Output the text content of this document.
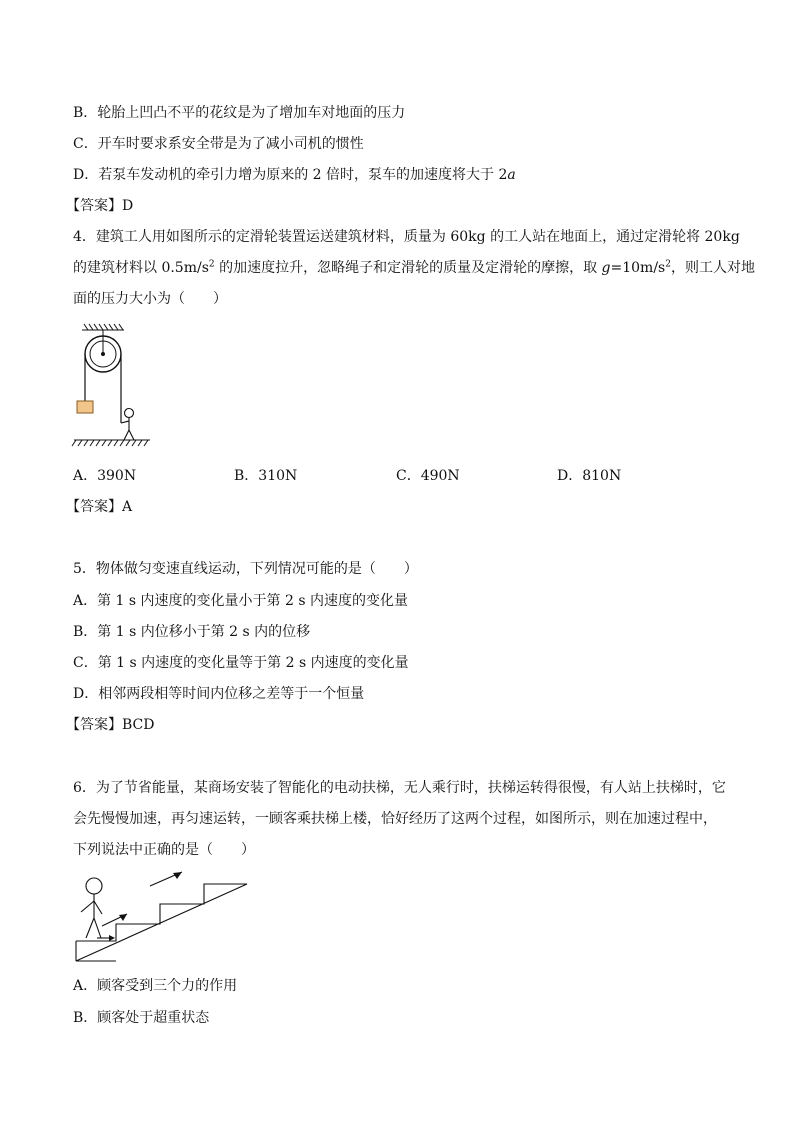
B．轮胎上凹凸不平的花纹是为了增加车对地面的压力
C．开车时要求系安全带是为了减小司机的惯性
D．若泵车发动机的牵引力增为原来的 2 倍时，泵车的加速度将大于 2a
【答案】D
4．建筑工人用如图所示的定滑轮装置运送建筑材料，质量为 60kg 的工人站在地面上，通过定滑轮将 20kg
的建筑材料以 $0.5m/s^2$ 的加速度拉升，忽略绳子和定滑轮的质量及定滑轮的摩擦，取 $g=10m/s^2$，则工人对地
面的压力大小为（　　）
A．390N	B．310N	C．490N	D．810N
【答案】A
5．物体做匀变速直线运动，下列情况可能的是（　　）
A．第 1 s 内速度的变化量小于第 2 s 内速度的变化量
B．第 1 s 内位移小于第 2 s 内的位移
C．第 1 s 内速度的变化量等于第 2 s 内速度的变化量
D．相邻两段相等时间内位移之差等于一个恒量
【答案】BCD
6．为了节省能量，某商场安装了智能化的电动扶梯，无人乘行时，扶梯运转得很慢，有人站上扶梯时，它
会先慢慢加速，再匀速运转，一顾客乘扶梯上楼，恰好经历了这两个过程，如图所示，则在加速过程中，
下列说法中正确的是（　　）
A．顾客受到三个力的作用
B．顾客处于超重状态
